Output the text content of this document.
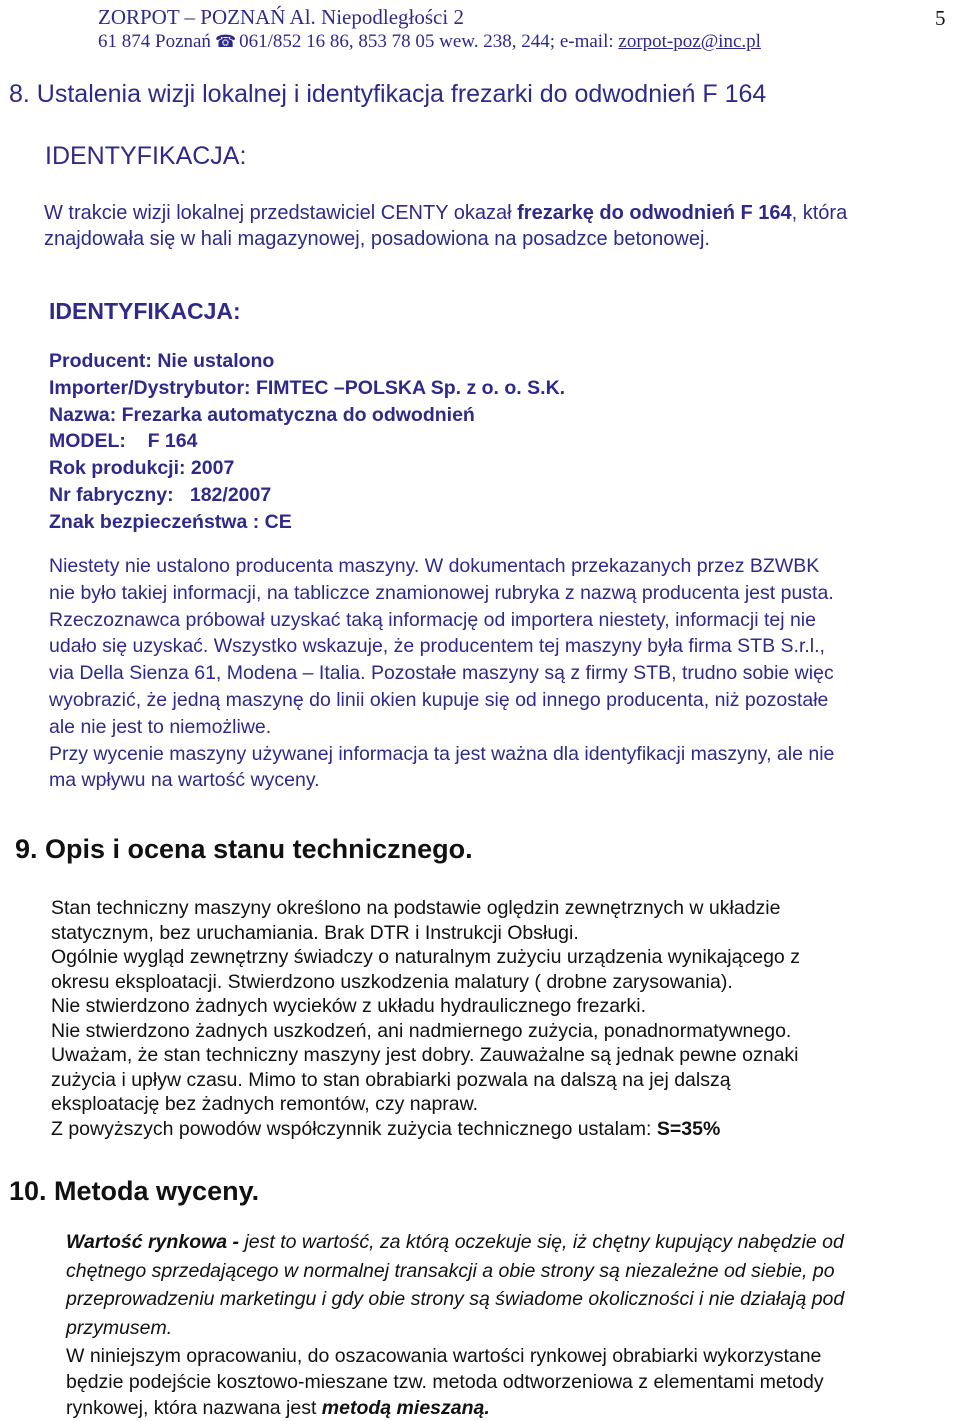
ZORPOT – POZNAŃ Al. Niepodległości 2
61 874 Poznań ☎ 061/852 16 86, 853 78 05 wew. 238, 244; e-mail: zorpot-poz@inc.pl
5
8. Ustalenia wizji lokalnej i identyfikacja frezarki do odwodnień F 164
IDENTYFIKACJA:
W trakcie wizji lokalnej przedstawiciel CENTY okazał frezarkę do odwodnień F 164, która znajdowała się w hali magazynowej, posadowiona na posadzce betonowej.
IDENTYFIKACJA:
Producent: Nie ustalono
Importer/Dystrybutor: FIMTEC –POLSKA Sp. z o. o. S.K.
Nazwa: Frezarka automatyczna do odwodnień
MODEL:    F 164
Rok produkcji: 2007
Nr fabryczny:   182/2007
Znak bezpieczeństwa : CE
Niestety nie ustalono producenta maszyny. W dokumentach przekazanych przez BZWBK
nie było takiej informacji, na tabliczce znamionowej rubryka z nazwą producenta jest pusta.
Rzeczoznawca próbował uzyskać taką informację od importera niestety, informacji tej nie
udało się uzyskać. Wszystko wskazuje, że producentem tej maszyny była firma STB S.r.l.,
via Della Sienza 61, Modena – Italia. Pozostałe maszyny są z firmy STB, trudno sobie więc
wyobrazić, że jedną maszynę do linii okien kupuje się od innego producenta, niż pozostałe
ale nie jest to niemożliwe.
Przy wycenie maszyny używanej informacja ta jest ważna dla identyfikacji maszyny, ale nie
ma wpływu na wartość wyceny.
9. Opis i ocena stanu technicznego.
Stan techniczny maszyny określono na podstawie oględzin zewnętrznych w układzie
statycznym, bez uruchamiania. Brak DTR i Instrukcji Obsługi.
Ogólnie wygląd zewnętrzny świadczy o naturalnym zużyciu urządzenia wynikającego z
okresu eksploatacji. Stwierdzono uszkodzenia malatury ( drobne zarysowania).
Nie stwierdzono żadnych wycieków z układu hydraulicznego frezarki.
Nie stwierdzono żadnych uszkodzeń, ani nadmiernego zużycia, ponadnormatywnego.
Uważam, że stan techniczny maszyny jest dobry. Zauważalne są jednak pewne oznaki
zużycia i upływ czasu. Mimo to stan obrabiarki pozwala na dalszą na jej dalszą
eksploatację bez żadnych remontów, czy napraw.
Z powyższych powodów współczynnik zużycia technicznego ustalam: S=35%
10. Metoda wyceny.
Wartość rynkowa - jest to wartość, za którą oczekuje się, iż chętny kupujący nabędzie od
chętnego sprzedającego w normalnej transakcji a obie strony są niezależne od siebie, po
przeprowadzeniu marketingu i gdy obie strony są świadome okoliczności i nie działają pod
przymusem.
W niniejszym opracowaniu, do oszacowania wartości rynkowej obrabiarki wykorzystane
będzie podejście kosztowo-mieszane tzw. metoda odtworzeniowa z elementami metody
rynkowej, która nazwana jest metodą mieszaną.
